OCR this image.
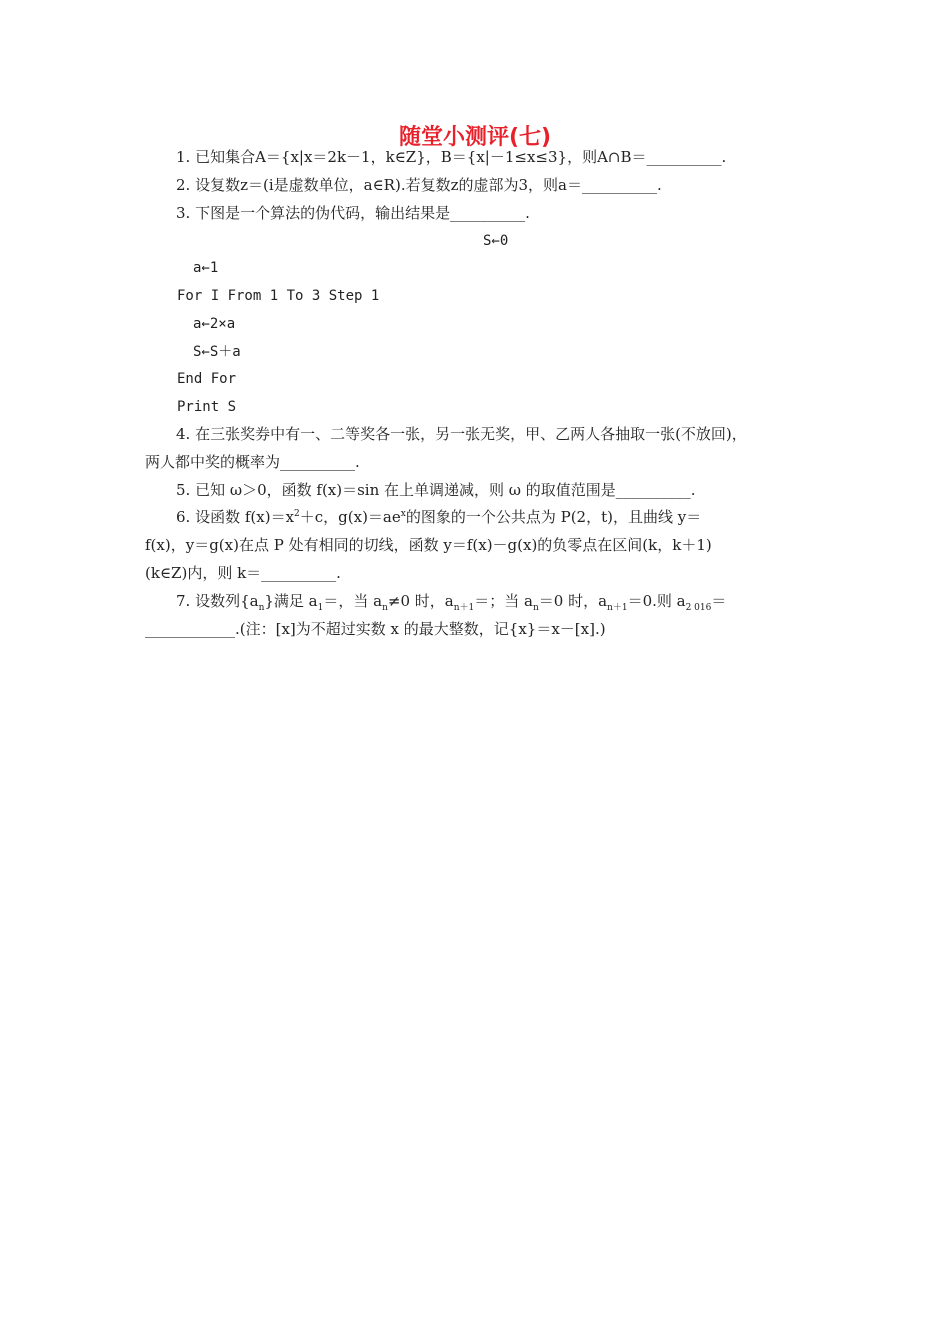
随堂小测评(七)
1. 已知集合A＝{x|x＝2k－1，k∈Z}，B＝{x|－1≤x≤3}，则A∩B＝__________.
2. 设复数z＝(i是虚数单位，a∈R).若复数z的虚部为3，则a＝__________.
3. 下图是一个算法的伪代码，输出结果是__________.
S←0
a←1
For I From 1 To 3 Step 1
a←2×a
S←S＋a
End For
Print S
4. 在三张奖券中有一、二等奖各一张，另一张无奖，甲、乙两人各抽取一张(不放回)，
两人都中奖的概率为__________.
5. 已知 ω＞0，函数 f(x)＝sin 在上单调递减，则 ω 的取值范围是__________.
6. 设函数 $f(x)=x^2+c$，$g(x)=ae^x$的图象的一个公共点为 P(2，t)，且曲线 y＝
f(x)，y＝g(x)在点 P 处有相同的切线，函数 y＝f(x)－g(x)的负零点在区间(k，k＋1)
(k∈Z)内，则 k＝__________.
7. 设数列$\{a_n\}$满足 $a_1=$，当 $a_n\ne 0$ 时，$a_{n+1}=$；当 $a_n=0$ 时，$a_{n+1}=0$.则 $a_{2 016}=$
____________.(注：[x]为不超过实数 x 的最大整数，记{x}＝x－[x].)
